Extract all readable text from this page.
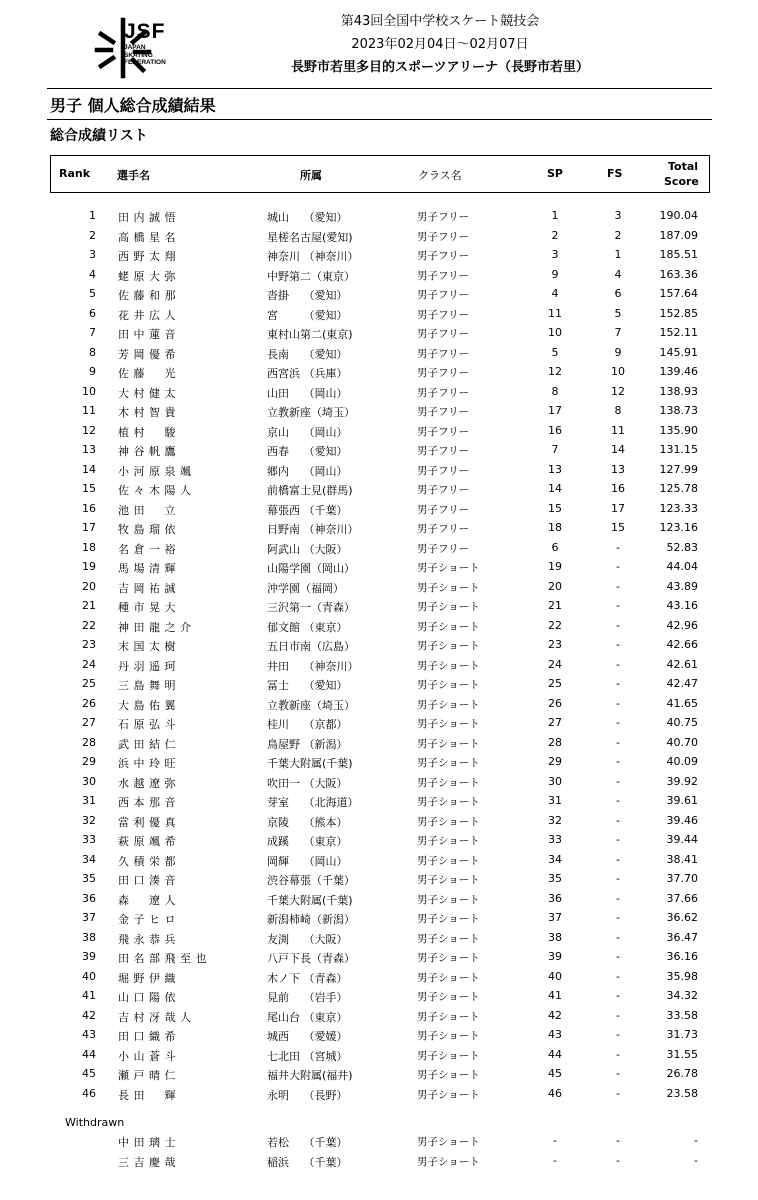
JSF
JAPAN
SKATING
FEDERATION
第43回全国中学校スケート競技会
2023年02月04日～02月07日
長野市若里多目的スポーツアリーナ（長野市若里）
男子 個人総合成績結果
総合成績リスト
Rank 選手名	所属	クラス名	SP	FS
Total
Score
1 田内誠悟	城山　 （愛知）	男子フリー	1	3	190.04
2 高橋星名	星槎名古屋(愛知)	男子フリー	2	2	187.09
3 西野太翔	神奈川 （神奈川）	男子フリー	3	1	185.51
4 蛯原大弥	中野第二（東京）	男子フリー	9	4	163.36
5 佐藤和那	沓掛　 （愛知）	男子フリー	4	6	157.64
6 花井広人	宮　　 （愛知）	男子フリー	11	5	152.85
7 田中蓮音	東村山第二(東京)	男子フリー	10	7	152.11
8 芳岡優希	長南　 （愛知）	男子フリー	5	9	145.91
9 佐藤　光	西宮浜 （兵庫）	男子フリー	12	10	139.46
10 大村健太	山田　 （岡山）	男子フリー	8	12	138.93
11 木村智貴	立教新座（埼玉）	男子フリー	17	8	138.73
12 植村　駿	京山　 （岡山）	男子フリー	16	11	135.90
13 神谷帆鷹	西春　 （愛知）	男子フリー	7	14	131.15
14 小河原泉颯	郷内　 （岡山）	男子フリー	13	13	127.99
15 佐々木陽人	前橋富士見(群馬)	男子フリー	14	16	125.78
16 池田　立	幕張西 （千葉）	男子フリー	15	17	123.33
17 牧島瑠依	日野南 （神奈川）	男子フリー	18	15	123.16
18 名倉一裕	阿武山 （大阪）	男子フリー	6	-	52.83
19 馬場清輝	山陽学園（岡山）	男子ショート	19	-	44.04
20 吉岡祐誠	沖学園（福岡）	男子ショート	20	-	43.89
21 種市晃大	三沢第一（青森）	男子ショート	21	-	43.16
22 神田龍之介	郁文館 （東京）	男子ショート	22	-	42.96
23 末国太樹	五日市南（広島）	男子ショート	23	-	42.66
24 丹羽遥珂	井田　 （神奈川）	男子ショート	24	-	42.61
25 三島舞明	冨士　 （愛知）	男子ショート	25	-	42.47
26 大島佑翼	立教新座（埼玉）	男子ショート	26	-	41.65
27 石原弘斗	桂川　 （京都）	男子ショート	27	-	40.75
28 武田結仁	鳥屋野 （新潟）	男子ショート	28	-	40.70
29 浜中玲旺	千葉大附属(千葉)	男子ショート	29	-	40.09
30 水越遼弥	吹田一 （大阪）	男子ショート	30	-	39.92
31 西本那音	芽室　 （北海道）	男子ショート	31	-	39.61
32 當利優真	京陵　 （熊本）	男子ショート	32	-	39.46
33 萩原颯希	成蹊　 （東京）	男子ショート	33	-	39.44
34 久積栄都	岡輝　 （岡山）	男子ショート	34	-	38.41
35 田口湊音	渋谷幕張（千葉）	男子ショート	35	-	37.70
36 森　遼人	千葉大附属(千葉)	男子ショート	36	-	37.66
37 金子ヒロ	新潟柿崎（新潟）	男子ショート	37	-	36.62
38 飛永恭兵	友渕　 （大阪）	男子ショート	38	-	36.47
39 田名部飛至也	八戸下長（青森）	男子ショート	39	-	36.16
40 堀野伊織	木ノ下 （青森）	男子ショート	40	-	35.98
41 山口陽依	見前　 （岩手）	男子ショート	41	-	34.32
42 吉村冴哉人	尾山台 （東京）	男子ショート	42	-	33.58
43 田口織希	城西　 （愛媛）	男子ショート	43	-	31.73
44 小山蒼斗	七北田 （宮城）	男子ショート	44	-	31.55
45 瀬戸晴仁	福井大附属(福井)	男子ショート	45	-	26.78
46 長田　輝	永明　 （長野）	男子ショート	46	-	23.58
Withdrawn
中田璃士	若松　 （千葉）	男子ショート	-	-	-
三吉慶哉	稲浜　 （千葉）	男子ショート	-	-	-
